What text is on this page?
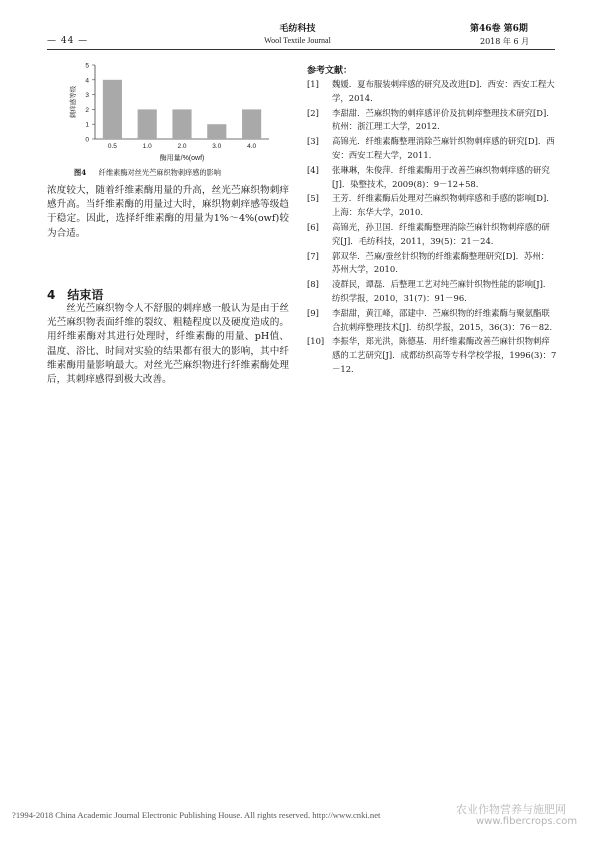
— 44 —
毛纺科技
Wool Textile Journal
第46卷 第6期
2018 年 6 月
0
1
2
3
4
5
0.5	1.0	2.0	3.0	4.0
酶用量/%(owf)
刺痒感等级
图4 纤维素酶对丝光苎麻织物刺痒感的影响
浓度较大，随着纤维素酶用量的升高，丝光苎麻织物刺痒感升高。当纤维素酶的用量过大时，麻织物刺痒感等级趋于稳定。因此，选择纤维素酶的用量为1%～4%(owf)较为合适。
4 结束语
丝光苎麻织物令人不舒服的刺痒感一般认为是由于丝光苎麻织物表面纤维的裂纹、粗糙程度以及硬度造成的。用纤维素酶对其进行处理时，纤维素酶的用量、pH值、温度、浴比、时间对实验的结果都有很大的影响，其中纤维素酶用量影响最大。对丝光苎麻织物进行纤维素酶处理后，其刺痒感得到极大改善。
参考文献：
[1]	魏媛．夏布服装刺痒感的研究及改进[D]．西安：西安工程大学，2014.
[2]	李甜甜．苎麻织物的刺痒感评价及抗刺痒整理技术研究[D]．杭州：浙江理工大学，2012.
[3]	高锦光．纤维素酶整理消除苎麻针织物刺痒感的研究[D]．西安：西安工程大学，2011.
[4]	张琳琳，朱俊萍．纤维素酶用于改善苎麻织物刺痒感的研究[J]．染整技术，2009(8)：9－12+58.
[5]	王芳．纤维素酶后处理对苎麻织物刺痒感和手感的影响[D]．上海：东华大学，2010.
[6]	高锦光，孙卫国．纤维素酶整理消除苎麻针织物刺痒感的研究[J]．毛纺科技，2011，39(5)：21－24.
[7]	郭双华．苎麻/蚕丝针织物的纤维素酶整理研究[D]．苏州：苏州大学，2010.
[8]	凌群民，谭磊．后整理工艺对纯苎麻针织物性能的影响[J]．纺织学报，2010，31(7)：91－96.
[9]	李甜甜，黄江峰，邵建中．苎麻织物的纤维素酶与聚氨酯联合抗刺痒整理技术[J]．纺织学报，2015，36(3)：76－82.
[10] 李振华，郑光洪，陈德基．用纤维素酶改善苎麻针织物刺痒感的工艺研究[J]．成都纺织高等专科学校学报，1996(3)：7－12.
?1994-2018 China Academic Journal Electronic Publishing House. All rights reserved. http://www.cnki.net	农业作物营养与施肥网
www.fibercrops.com
